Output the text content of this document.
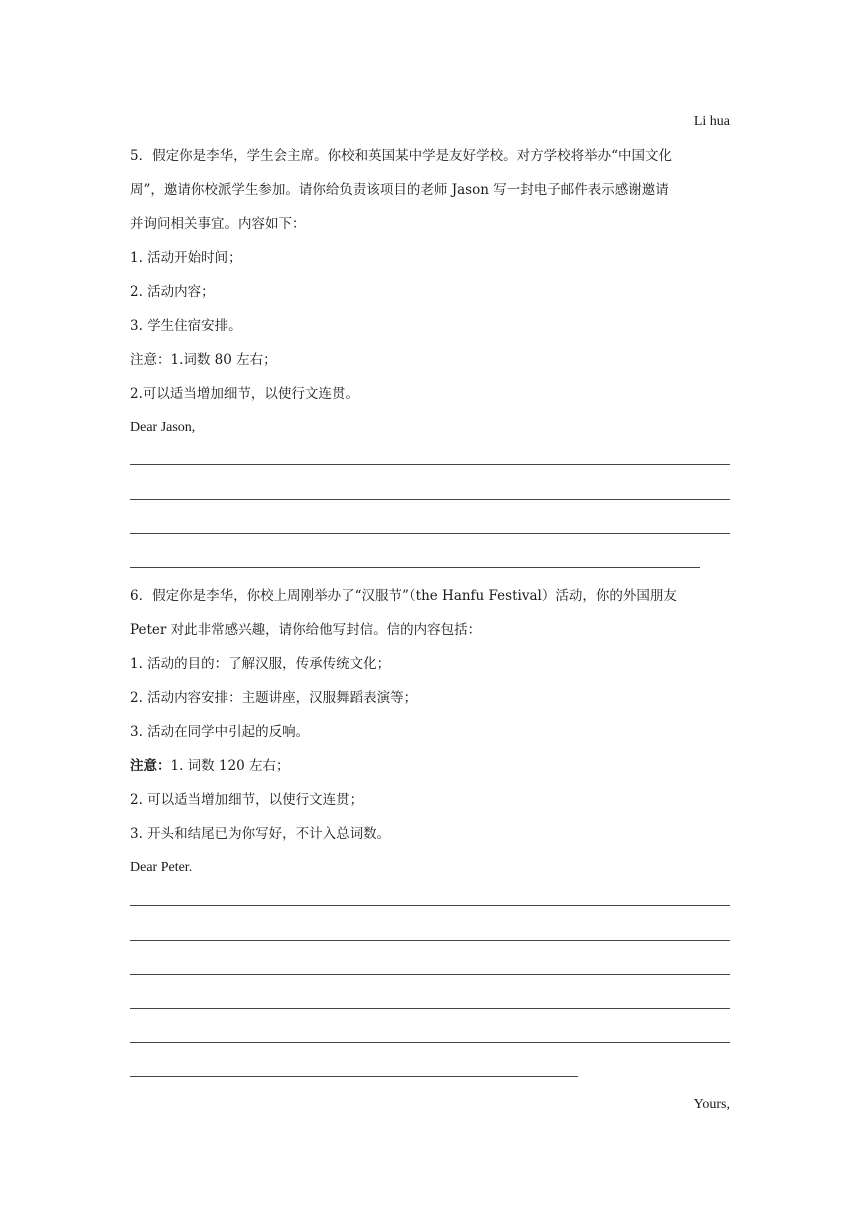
Li hua

5．假定你是李华，学生会主席。你校和英国某中学是友好学校。对方学校将举办“中国文化

周”，邀请你校派学生参加。请你给负责该项目的老师 Jason 写一封电子邮件表示感谢邀请

并询问相关事宜。内容如下：

1. 活动开始时间；

2. 活动内容；

3. 学生住宿安排。

注意：1.词数 80 左右；

2.可以适当增加细节，以使行文连贯。

Dear Jason,

6．假定你是李华，你校上周刚举办了“汉服节”（the Hanfu Festival）活动，你的外国朋友

Peter 对此非常感兴趣，请你给他写封信。信的内容包括：

1. 活动的目的：了解汉服，传承传统文化；

2. 活动内容安排：主题讲座，汉服舞蹈表演等；

3. 活动在同学中引起的反响。

注意：1. 词数 120 左右；

2. 可以适当增加细节，以使行文连贯；

3. 开头和结尾已为你写好，不计入总词数。

Dear Peter.

Yours,
